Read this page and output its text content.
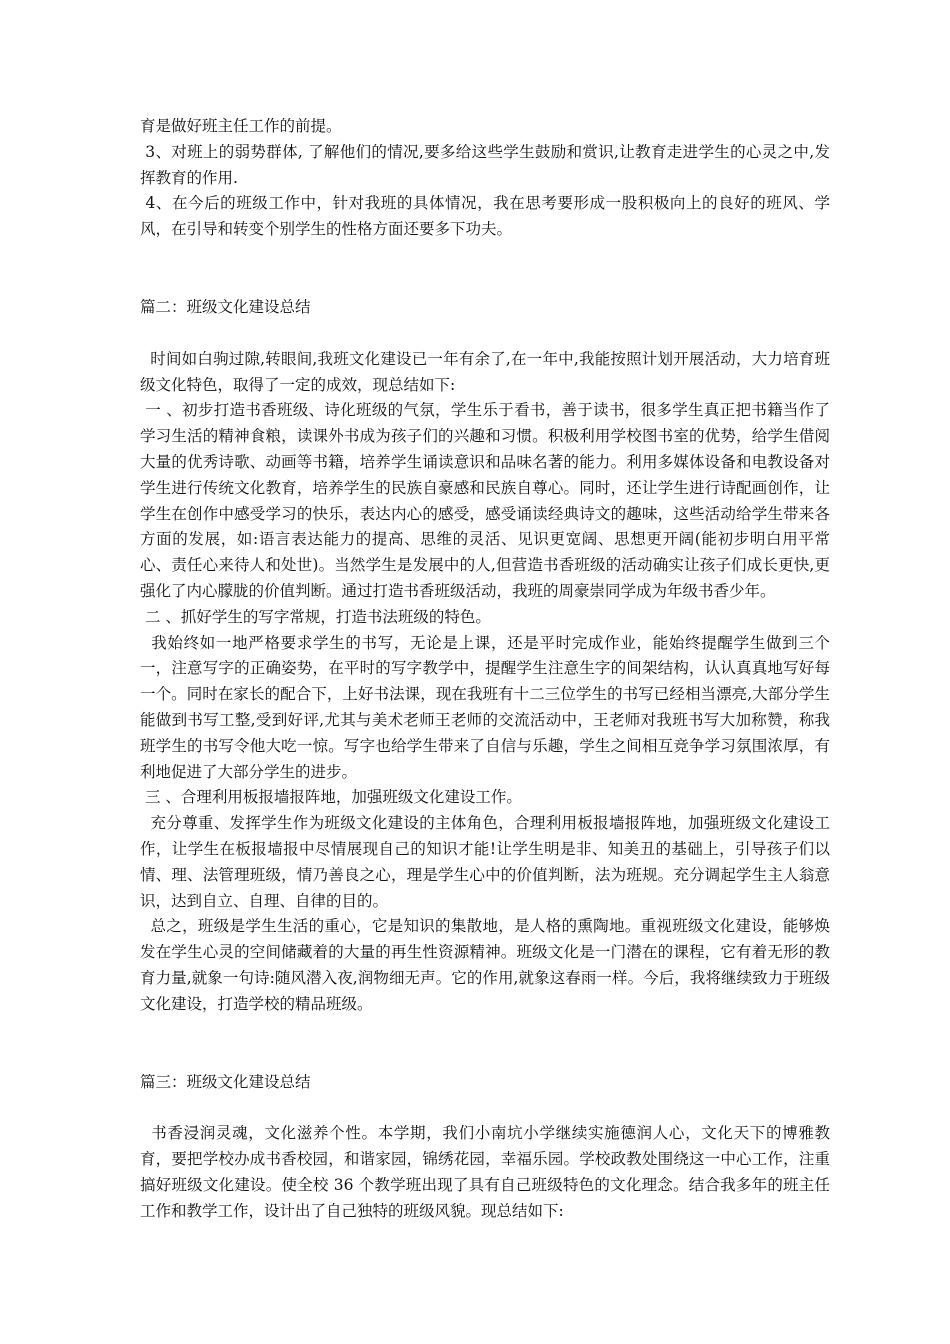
育是做好班主任工作的前提。

3、对班上的弱势群体, 了解他们的情况,要多给这些学生鼓励和赏识,让教育走进学生的心灵之中,发挥教育的作用.

4、在今后的班级工作中，针对我班的具体情况，我在思考要形成一股积极向上的良好的班风、学风，在引导和转变个别学生的性格方面还要多下功夫。

篇二：班级文化建设总结

时间如白驹过隙,转眼间,我班文化建设已一年有余了,在一年中,我能按照计划开展活动，大力培育班级文化特色，取得了一定的成效，现总结如下:

一 、初步打造书香班级、诗化班级的气氛，学生乐于看书，善于读书，很多学生真正把书籍当作了学习生活的精神食粮，读课外书成为孩子们的兴趣和习惯。积极利用学校图书室的优势，给学生借阅大量的优秀诗歌、动画等书籍，培养学生诵读意识和品味名著的能力。利用多媒体设备和电教设备对学生进行传统文化教育，培养学生的民族自豪感和民族自尊心。同时，还让学生进行诗配画创作，让学生在创作中感受学习的快乐，表达内心的感受，感受诵读经典诗文的趣味，这些活动给学生带来各方面的发展，如:语言表达能力的提高、思维的灵活、见识更宽阔、思想更开阔(能初步明白用平常心、责任心来待人和处世)。当然学生是发展中的人,但营造书香班级的活动确实让孩子们成长更快,更强化了内心朦胧的价值判断。通过打造书香班级活动，我班的周豪崇同学成为年级书香少年。

二 、抓好学生的写字常规，打造书法班级的特色。

我始终如一地严格要求学生的书写，无论是上课，还是平时完成作业，能始终提醒学生做到三个一，注意写字的正确姿势，在平时的写字教学中，提醒学生注意生字的间架结构，认认真真地写好每一个。同时在家长的配合下，上好书法课，现在我班有十二三位学生的书写已经相当漂亮,大部分学生能做到书写工整,受到好评,尤其与美术老师王老师的交流活动中，王老师对我班书写大加称赞，称我班学生的书写令他大吃一惊。写字也给学生带来了自信与乐趣，学生之间相互竞争学习氛围浓厚，有利地促进了大部分学生的进步。

三 、合理利用板报墙报阵地，加强班级文化建设工作。

充分尊重、发挥学生作为班级文化建设的主体角色，合理利用板报墙报阵地，加强班级文化建设工作，让学生在板报墙报中尽情展现自己的知识才能!让学生明是非、知美丑的基础上，引导孩子们以情、理、法管理班级，情乃善良之心，理是学生心中的价值判断，法为班规。充分调起学生主人翁意识，达到自立、自理、自律的目的。

总之，班级是学生生活的重心，它是知识的集散地，是人格的熏陶地。重视班级文化建设，能够焕发在学生心灵的空间储藏着的大量的再生性资源精神。班级文化是一门潜在的课程，它有着无形的教育力量,就象一句诗:随风潜入夜,润物细无声。它的作用,就象这春雨一样。今后，我将继续致力于班级文化建设，打造学校的精品班级。

篇三：班级文化建设总结

书香浸润灵魂，文化滋养个性。本学期，我们小南坑小学继续实施德润人心，文化天下的博雅教育，要把学校办成书香校园，和谐家园，锦绣花园，幸福乐园。学校政教处围绕这一中心工作，注重搞好班级文化建设。使全校 36 个教学班出现了具有自己班级特色的文化理念。结合我多年的班主任工作和教学工作，设计出了自己独特的班级风貌。现总结如下:
